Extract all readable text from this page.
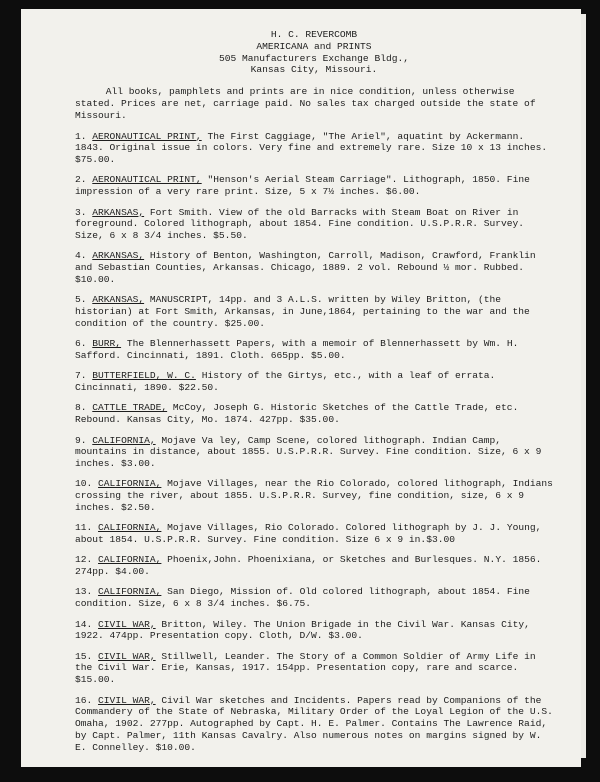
H. C. REVERCOMB
AMERICANA and PRINTS
505 Manufacturers Exchange Bldg.,
Kansas City, Missouri.

All books, pamphlets and prints are in nice condition, unless otherwise stated. Prices are net, carriage paid. No sales tax charged outside the state of Missouri.

1. AERONAUTICAL PRINT, The First Caggiage, "The Ariel", aquatint by Ackermann. 1843. Original issue in colors. Very fine and extremely rare. Size 10 x 13 inches. $75.00.

2. AERONAUTICAL PRINT, "Henson's Aerial Steam Carriage". Lithograph, 1850. Fine impression of a very rare print. Size, 5 x 7½ inches. $6.00.

3. ARKANSAS, Fort Smith. View of the old Barracks with Steam Boat on River in foreground. Colored lithograph, about 1854. Fine condition. U.S.P.R.R. Survey. Size, 6 x 8 3/4 inches. $5.50.

4. ARKANSAS, History of Benton, Washington, Carroll, Madison, Crawford, Franklin and Sebastian Counties, Arkansas. Chicago, 1889. 2 vol. Rebound ½ mor. Rubbed. $10.00.

5. ARKANSAS, MANUSCRIPT, 14pp. and 3 A.L.S. written by Wiley Britton, (the historian) at Fort Smith, Arkansas, in June,1864, pertaining to the war and the condition of the country. $25.00.

6. BURR, The Blennerhassett Papers, with a memoir of Blennerhassett by Wm. H. Safford. Cincinnati, 1891. Cloth. 665pp. $5.00.

7. BUTTERFIELD, W. C. History of the Girtys, etc., with a leaf of errata. Cincinnati, 1890. $22.50.

8. CATTLE TRADE, McCoy, Joseph G. Historic Sketches of the Cattle Trade, etc. Rebound. Kansas City, Mo. 1874. 427pp. $35.00.

9. CALIFORNIA, Mojave Va ley, Camp Scene, colored lithograph. Indian Camp, mountains in distance, about 1855. U.S.P.R.R. Survey. Fine condition. Size, 6 x 9 inches. $3.00.

10. CALIFORNIA, Mojave Villages, near the Rio Colorado, colored lithograph, Indians crossing the river, about 1855. U.S.P.R.R. Survey, fine condition, size, 6 x 9 inches. $2.50.

11. CALIFORNIA, Mojave Villages, Rio Colorado. Colored lithograph by J. J. Young, about 1854. U.S.P.R.R. Survey. Fine condition. Size 6 x 9 in.$3.00

12. CALIFORNIA, Phoenix,John. Phoenixiana, or Sketches and Burlesques. N.Y. 1856. 274pp. $4.00.

13. CALIFORNIA, San Diego, Mission of. Old colored lithograph, about 1854. Fine condition. Size, 6 x 8 3/4 inches. $6.75.

14. CIVIL WAR, Britton, Wiley. The Union Brigade in the Civil War. Kansas City, 1922. 474pp. Presentation copy. Cloth, D/W. $3.00.

15. CIVIL WAR, Stillwell, Leander. The Story of a Common Soldier of Army Life in the Civil War. Erie, Kansas, 1917. 154pp. Presentation copy, rare and scarce. $15.00.

16. CIVIL WAR, Civil War sketches and Incidents. Papers read by Companions of the Commandery of the State of Nebraska, Military Order of the Loyal Legion of the U.S. Omaha, 1902. 277pp. Autographed by Capt. H. E. Palmer. Contains The Lawrence Raid, by Capt. Palmer, 11th Kansas Cavalry. Also numerous notes on margins signed by W. E. Connelley. $10.00.
